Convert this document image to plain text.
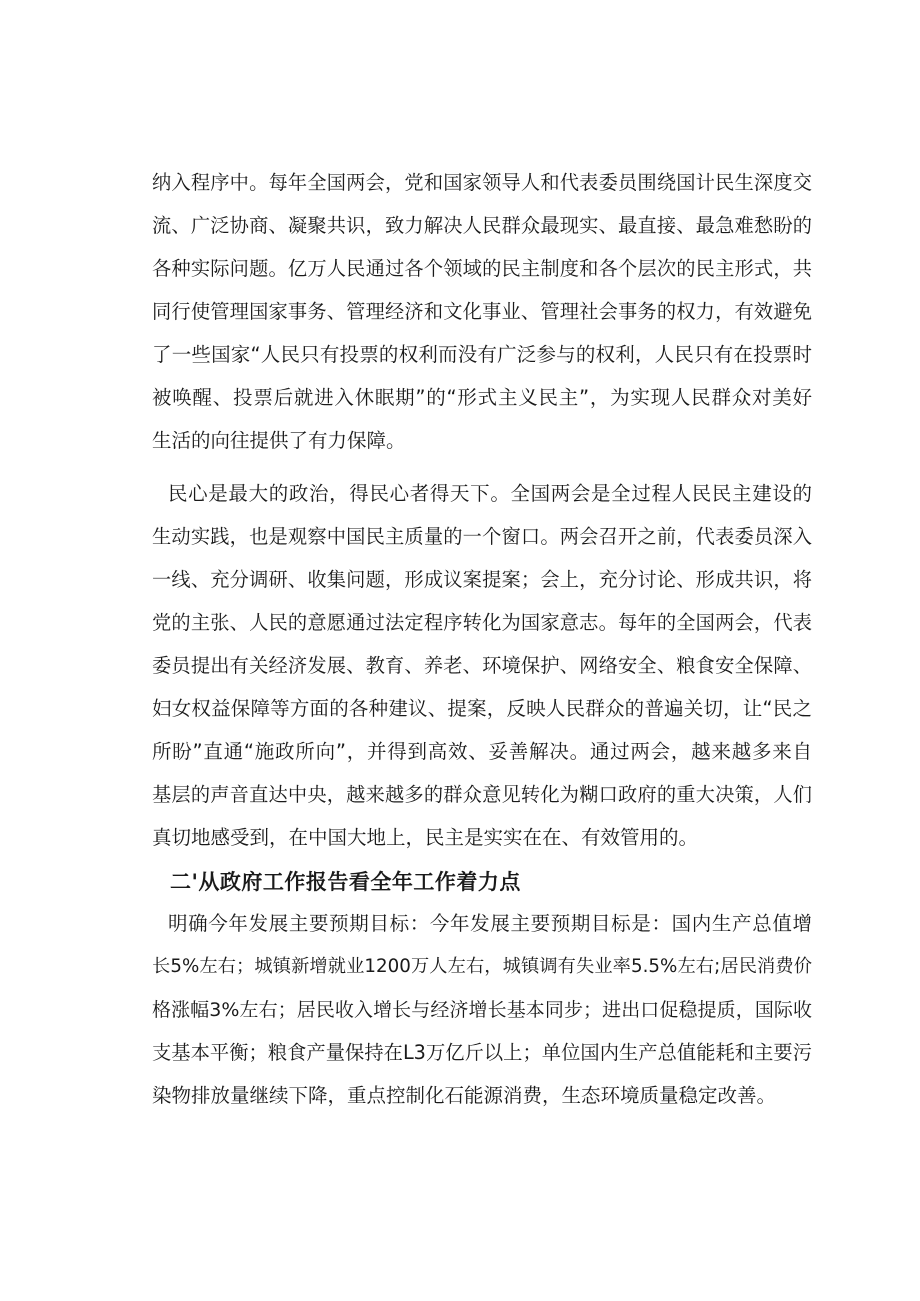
纳入程序中。每年全国两会，党和国家领导人和代表委员围绕国计民生深度交
流、广泛协商、凝聚共识，致力解决人民群众最现实、最直接、最急难愁盼的
各种实际问题。亿万人民通过各个领域的民主制度和各个层次的民主形式，共
同行使管理国家事务、管理经济和文化事业、管理社会事务的权力，有效避免
了一些国家“人民只有投票的权利而没有广泛参与的权利，人民只有在投票时
被唤醒、投票后就进入休眠期”的“形式主义民主”，为实现人民群众对美好
生活的向往提供了有力保障。
民心是最大的政治，得民心者得天下。全国两会是全过程人民民主建设的
生动实践，也是观察中国民主质量的一个窗口。两会召开之前，代表委员深入
一线、充分调研、收集问题，形成议案提案；会上，充分讨论、形成共识，将
党的主张、人民的意愿通过法定程序转化为国家意志。每年的全国两会，代表
委员提出有关经济发展、教育、养老、环境保护、网络安全、粮食安全保障、
妇女权益保障等方面的各种建议、提案，反映人民群众的普遍关切，让“民之
所盼”直通“施政所向”，并得到高效、妥善解决。通过两会，越来越多来自
基层的声音直达中央，越来越多的群众意见转化为糊口政府的重大决策，人们
真切地感受到，在中国大地上，民主是实实在在、有效管用的。
二'从政府工作报告看全年工作着力点
明确今年发展主要预期目标：今年发展主要预期目标是：国内生产总值增
长5%左右；城镇新增就业1200万人左右，城镇调有失业率5.5%左右;居民消费价
格涨幅3%左右；居民收入增长与经济增长基本同步；进出口促稳提质，国际收
支基本平衡；粮食产量保持在L3万亿斤以上；单位国内生产总值能耗和主要污
染物排放量继续下降，重点控制化石能源消费，生态环境质量稳定改善。
